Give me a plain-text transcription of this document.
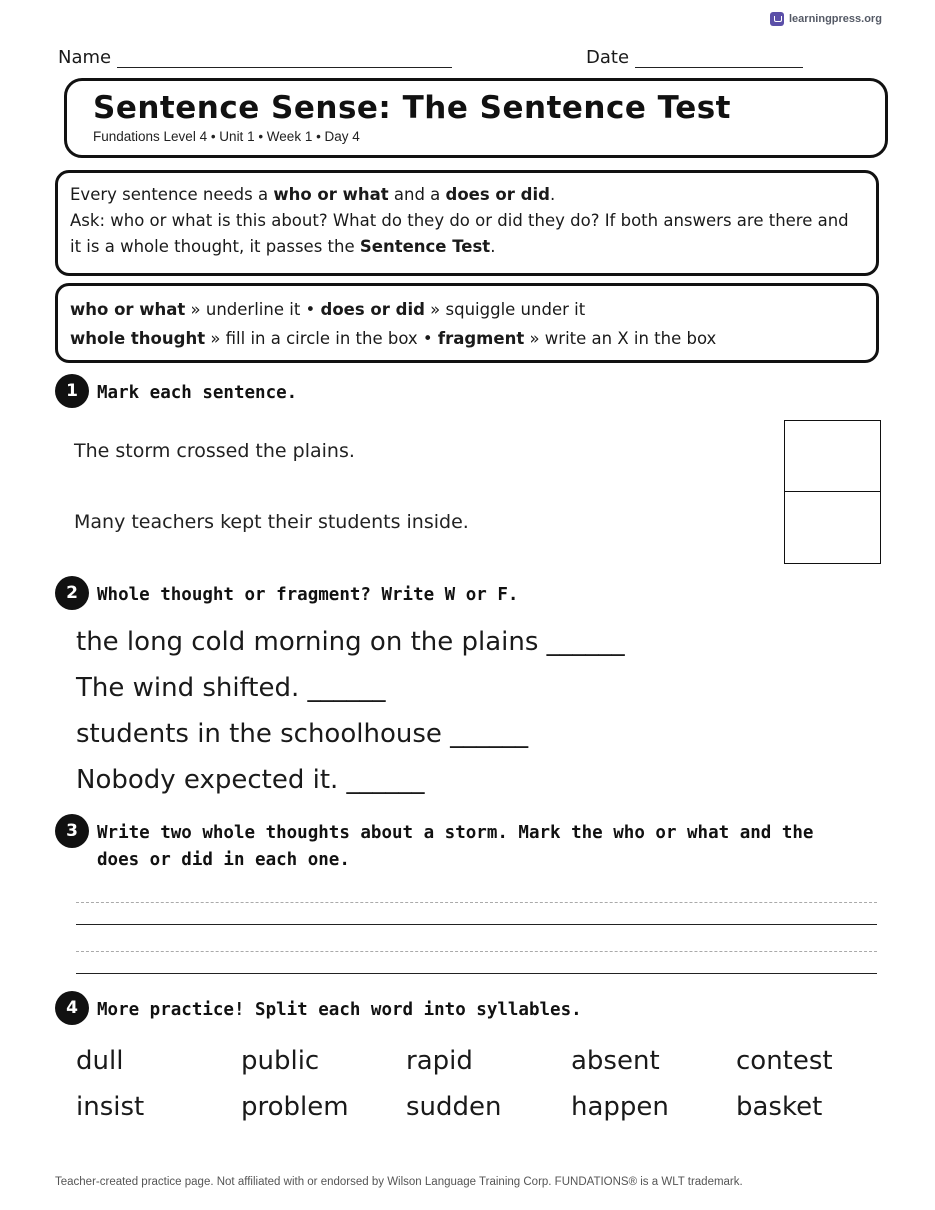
learningpress.org
Name	Date
Sentence Sense: The Sentence Test
Fundations Level 4 • Unit 1 • Week 1 • Day 4
Every sentence needs a who or what and a does or did.
Ask: who or what is this about? What do they do or did they do? If both answers are there and it is a whole thought, it passes the Sentence Test.
who or what » underline it • does or did » squiggle under it
whole thought » fill in a circle in the box • fragment » write an X in the box
1	Mark each sentence.
The storm crossed the plains.
Many teachers kept their students inside.
2	Whole thought or fragment? Write W or F.
the long cold morning on the plains ______
The wind shifted. ______
students in the schoolhouse ______
Nobody expected it. ______
3	Write two whole thoughts about a storm. Mark the who or what and the does or did in each one.
4	More practice! Split each word into syllables.
dull	public	rapid	absent	contest
insist	problem	sudden	happen	basket
Teacher-created practice page. Not affiliated with or endorsed by Wilson Language Training Corp. FUNDATIONS® is a WLT trademark.
